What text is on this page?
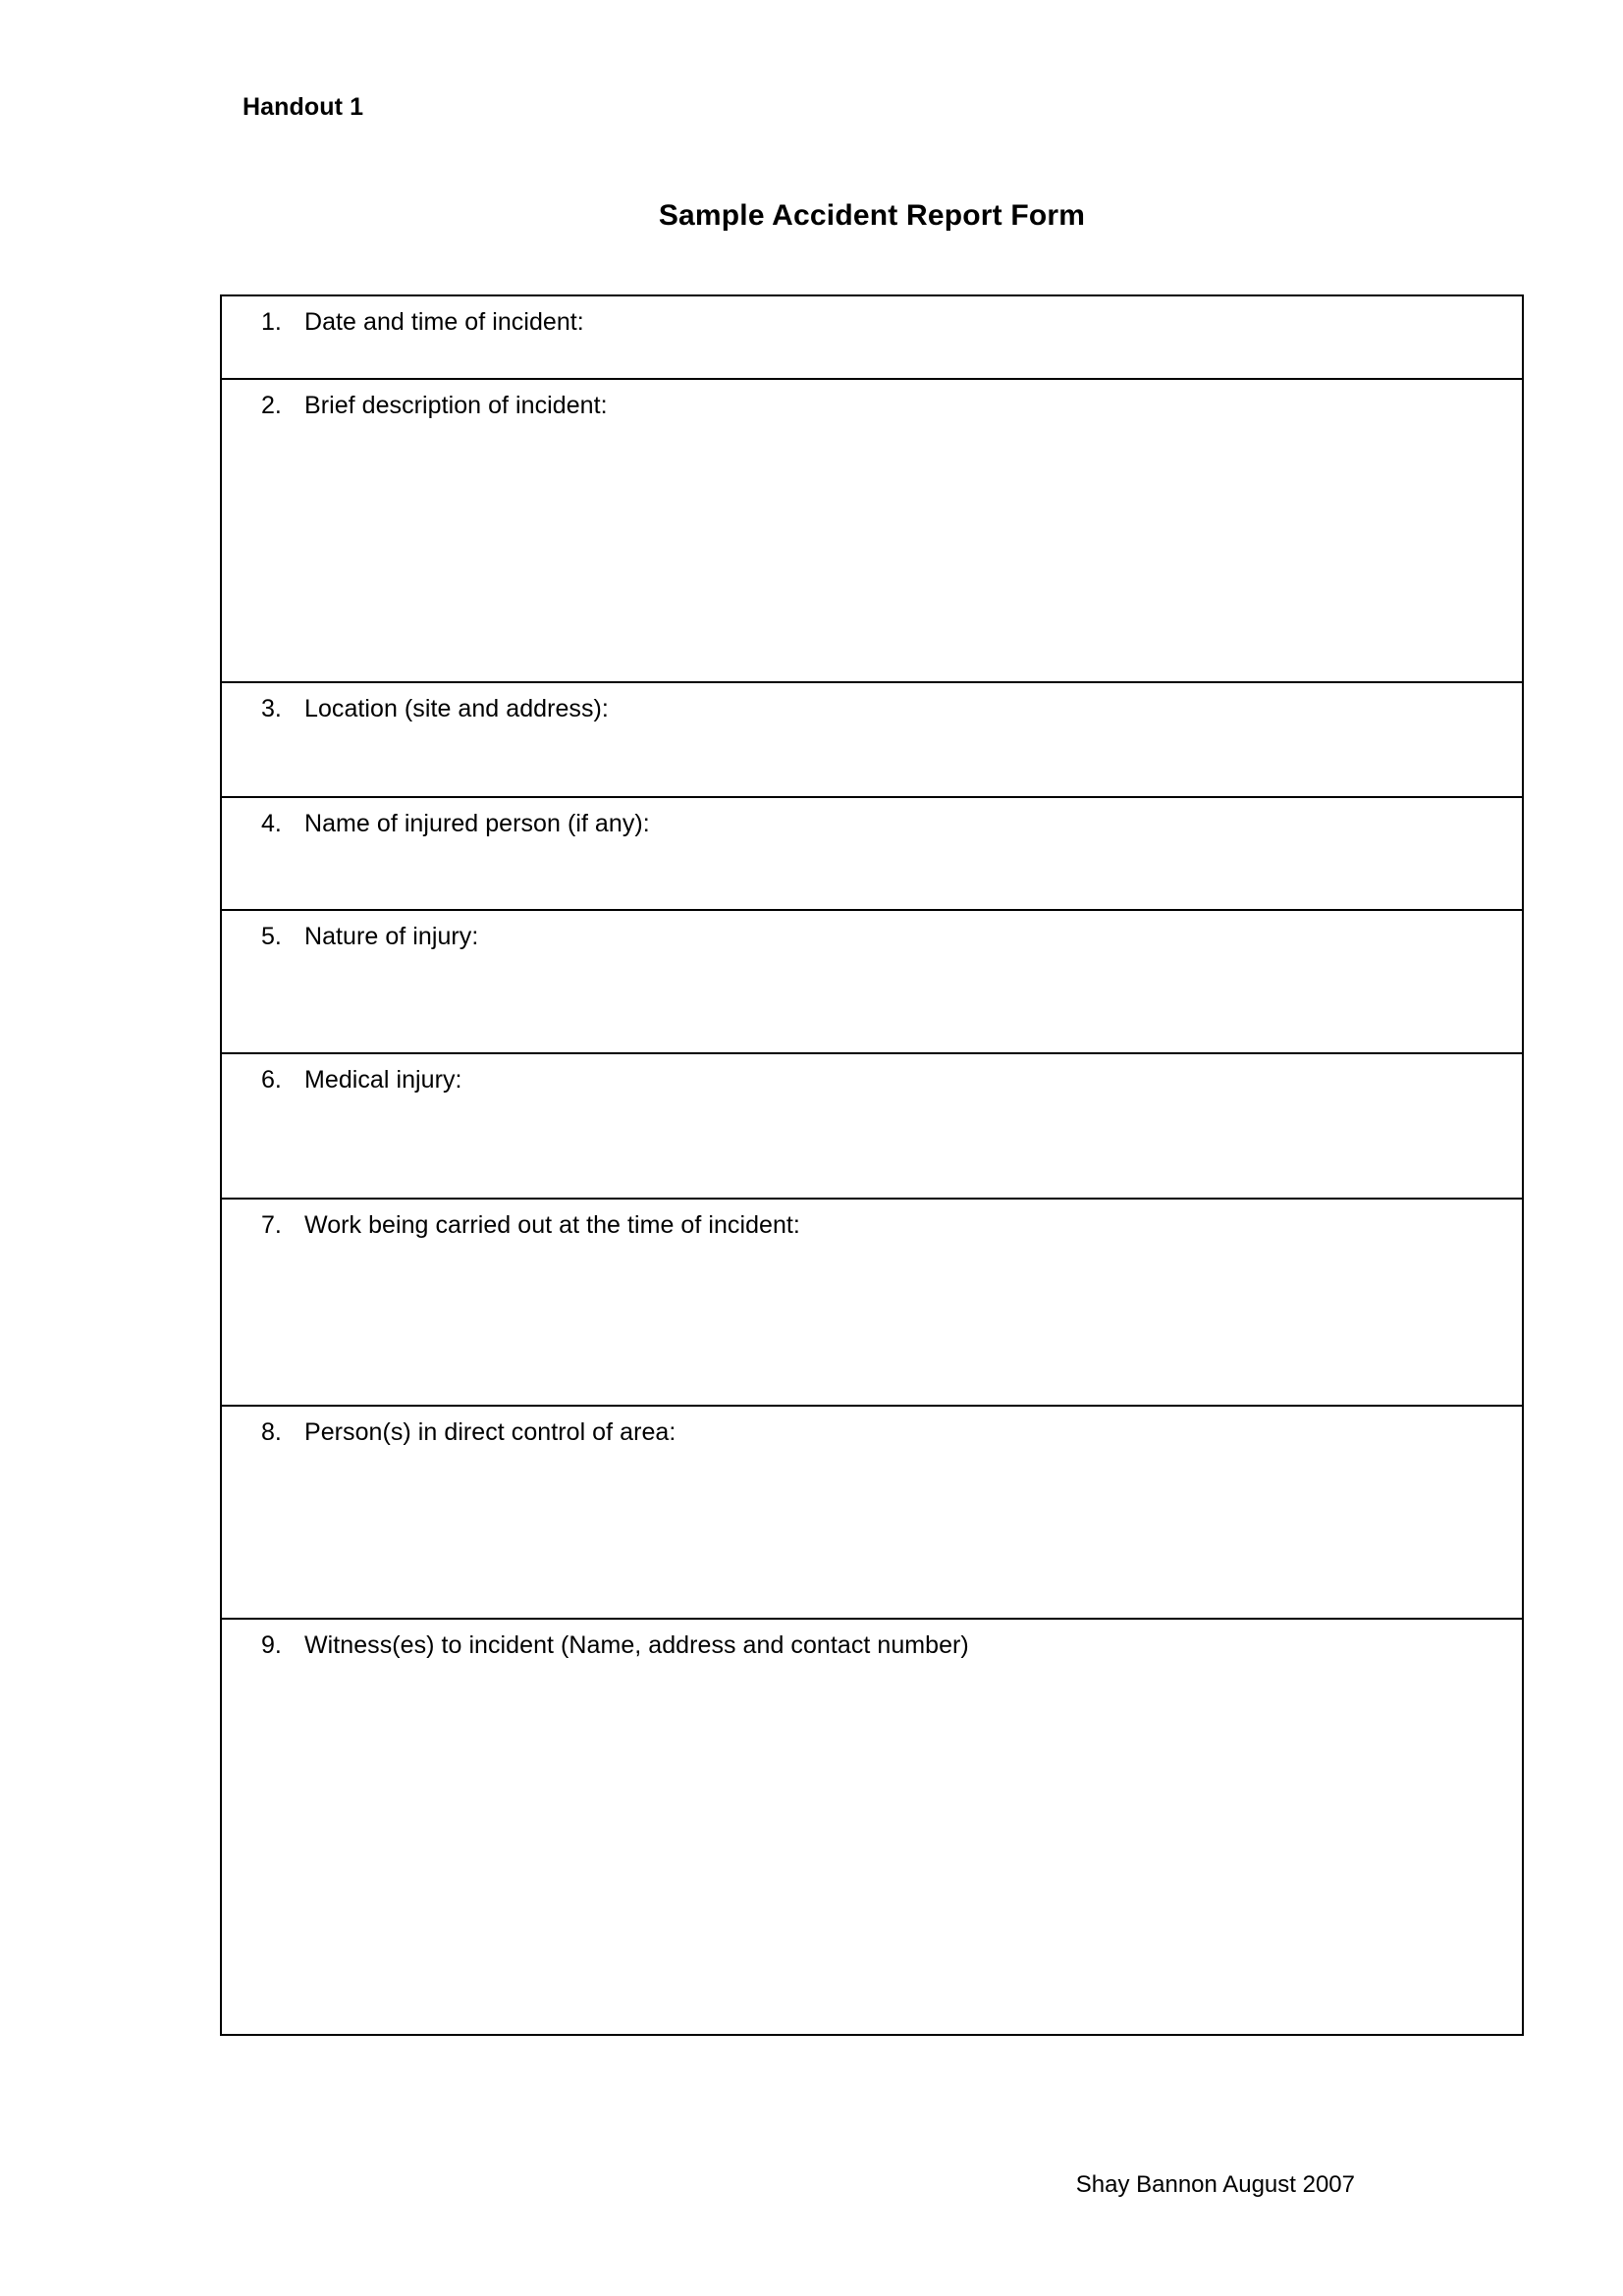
Handout 1
Sample Accident Report Form
1. Date and time of incident:

2. Brief description of incident:

3. Location (site and address):

4. Name of injured person (if any):

5. Nature of injury:

6. Medical injury:

7. Work being carried out at the time of incident:

8. Person(s) in direct control of area:

9. Witness(es) to incident (Name, address and contact number)
Shay Bannon August 2007
